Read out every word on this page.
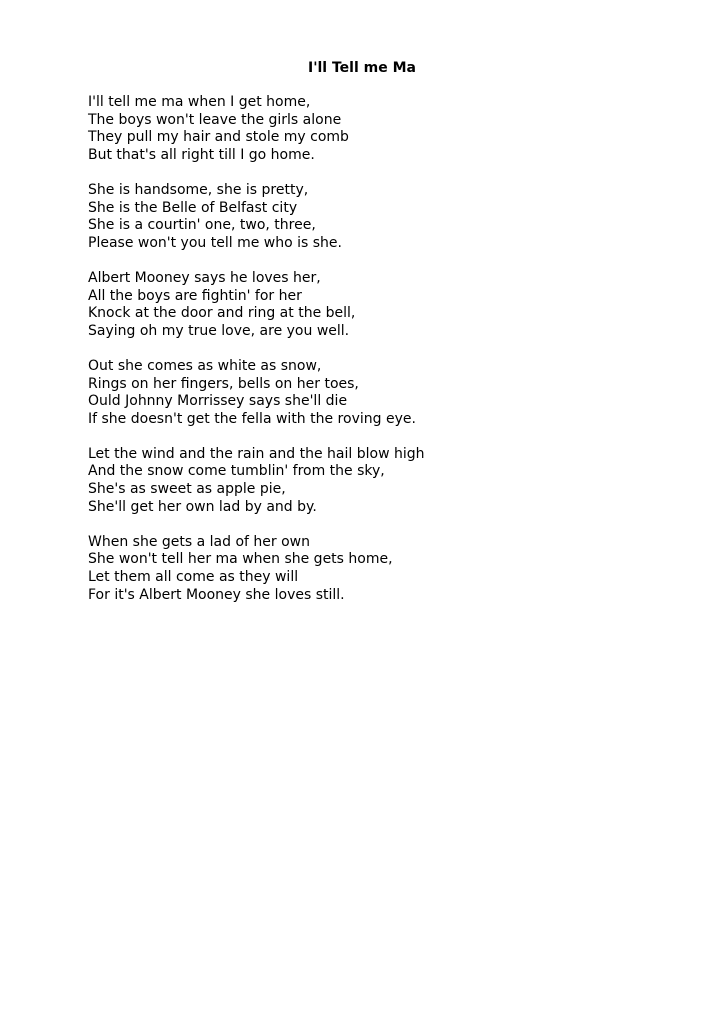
I'll Tell me Ma
I'll tell me ma when I get home,
The boys won't leave the girls alone
They pull my hair and stole my comb
But that's all right till I go home.
She is handsome, she is pretty,
She is the Belle of Belfast city
She is a courtin' one, two, three,
Please won't you tell me who is she.
Albert Mooney says he loves her,
All the boys are fightin' for her
Knock at the door and ring at the bell,
Saying oh my true love, are you well.
Out she comes as white as snow,
Rings on her fingers, bells on her toes,
Ould Johnny Morrissey says she'll die
If she doesn't get the fella with the roving eye.
Let the wind and the rain and the hail blow high
And the snow come tumblin' from the sky,
She's as sweet as apple pie,
She'll get her own lad by and by.
When she gets a lad of her own
She won't tell her ma when she gets home,
Let them all come as they will
For it's Albert Mooney she loves still.
